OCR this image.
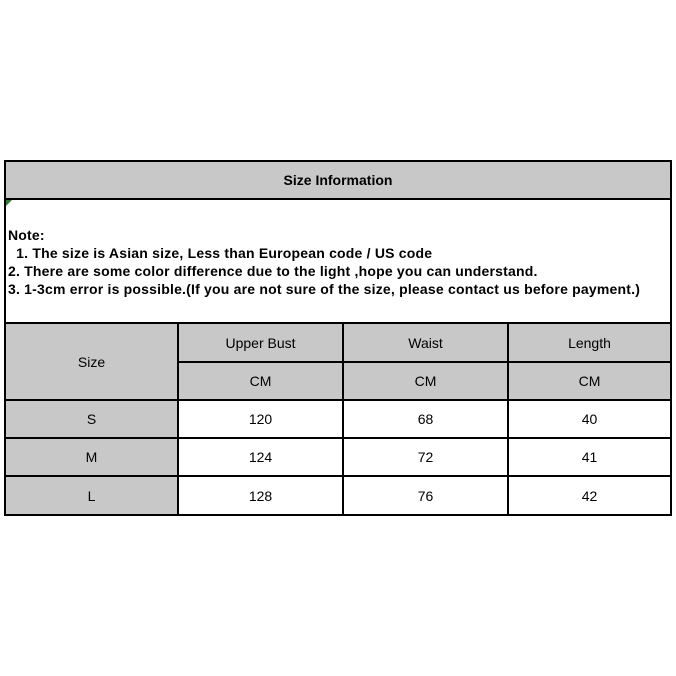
Size Information
Note:
1. The size is Asian size, Less than European code / US code
2. There are some color difference due to the light ,hope you can understand.
3. 1-3cm error is possible.(If you are not sure of the size, please contact us before payment.)
Size	Upper Bust	Waist	Length
	CM	CM	CM
S	120	68	40
M	124	72	41
L	128	76	42
